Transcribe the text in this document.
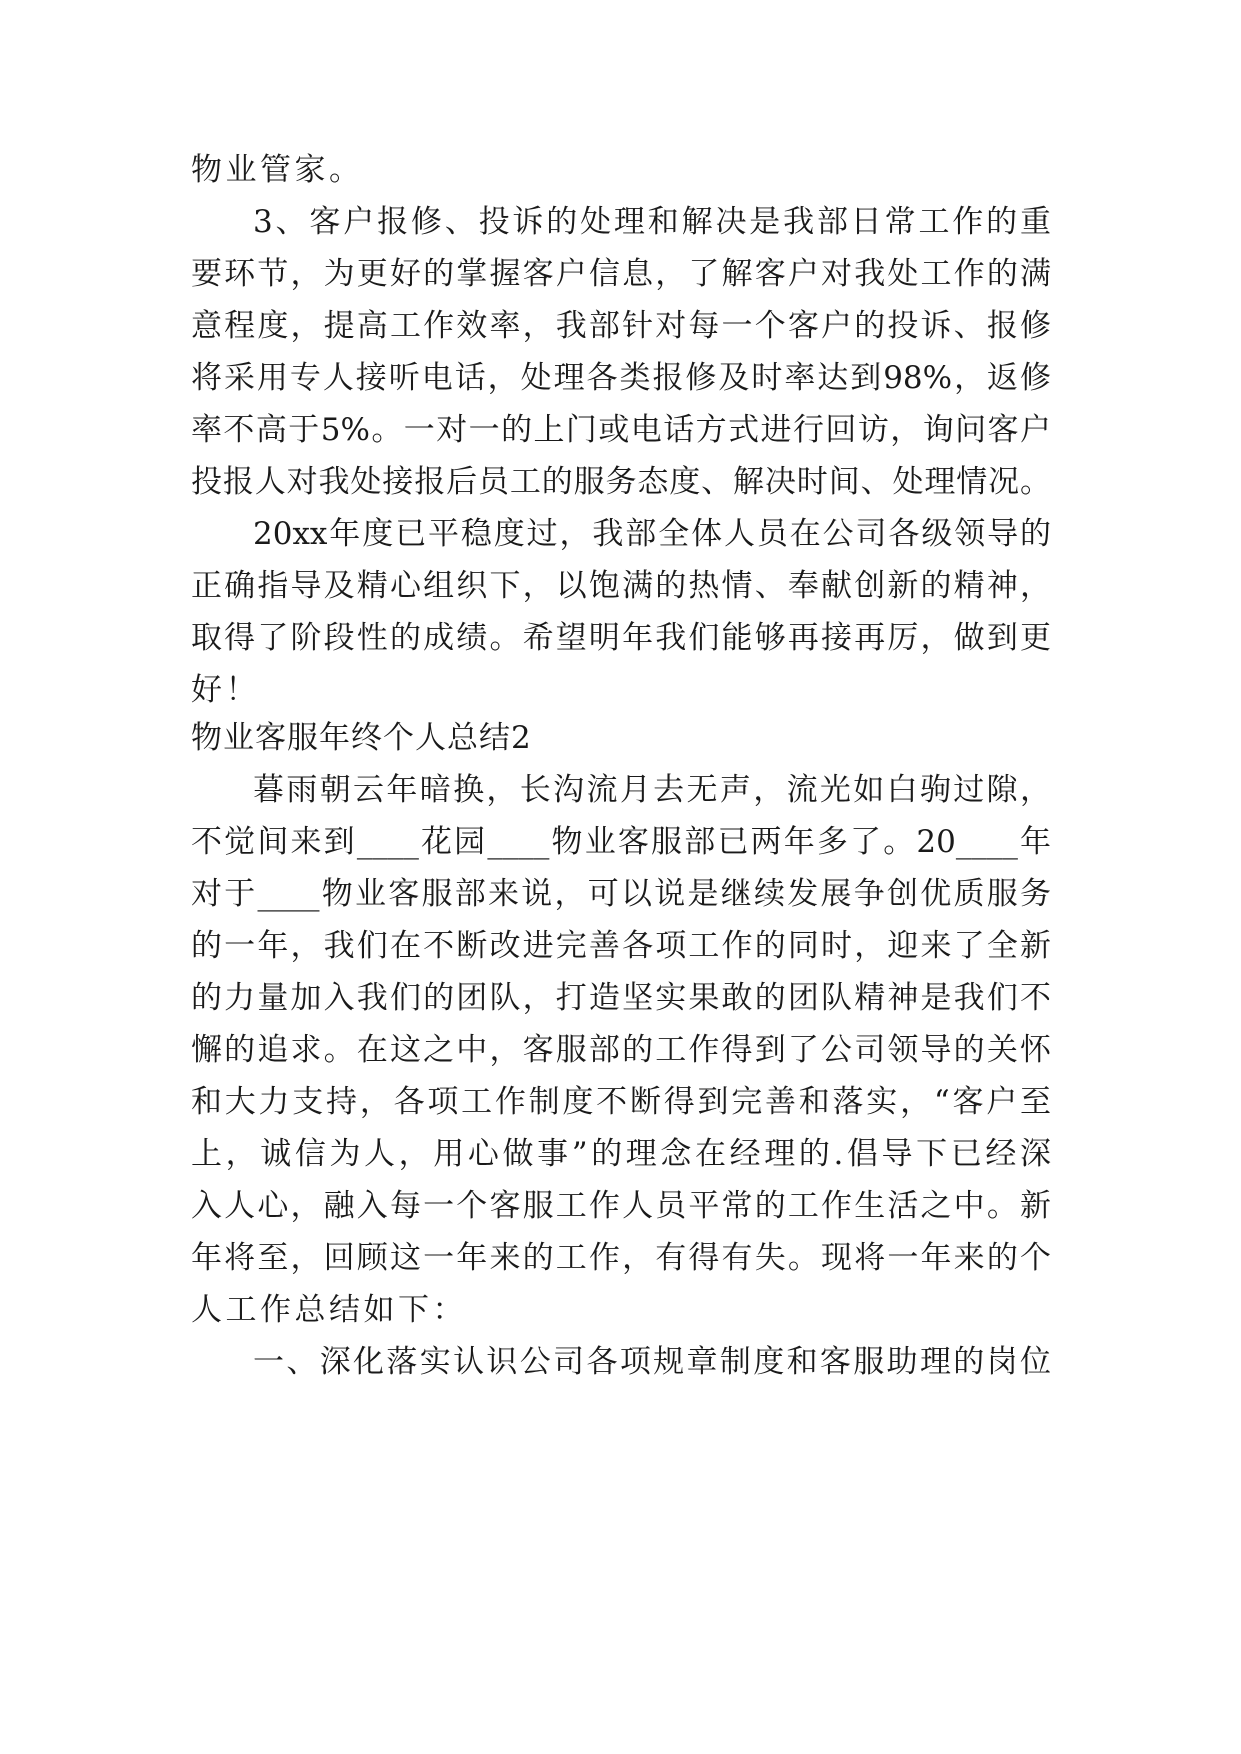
物业管家。
3、客户报修、投诉的处理和解决是我部日常工作的重
要环节，为更好的掌握客户信息，了解客户对我处工作的满
意程度，提高工作效率，我部针对每一个客户的投诉、报修
将采用专人接听电话，处理各类报修及时率达到98%，返修
率不高于5%。一对一的上门或电话方式进行回访，询问客户
投报人对我处接报后员工的服务态度、解决时间、处理情况。
20xx年度已平稳度过，我部全体人员在公司各级领导的
正确指导及精心组织下，以饱满的热情、奉献创新的精神，
取得了阶段性的成绩。希望明年我们能够再接再厉，做到更
好！
物业客服年终个人总结2
暮雨朝云年暗换，长沟流月去无声，流光如白驹过隙，
不觉间来到____花园____物业客服部已两年多了。20____年
对于____物业客服部来说，可以说是继续发展争创优质服务
的一年，我们在不断改进完善各项工作的同时，迎来了全新
的力量加入我们的团队，打造坚实果敢的团队精神是我们不
懈的追求。在这之中，客服部的工作得到了公司领导的关怀
和大力支持，各项工作制度不断得到完善和落实，“客户至
上，诚信为人，用心做事”的理念在经理的.倡导下已经深
入人心，融入每一个客服工作人员平常的工作生活之中。新
年将至，回顾这一年来的工作，有得有失。现将一年来的个
人工作总结如下：
一、深化落实认识公司各项规章制度和客服助理的岗位
